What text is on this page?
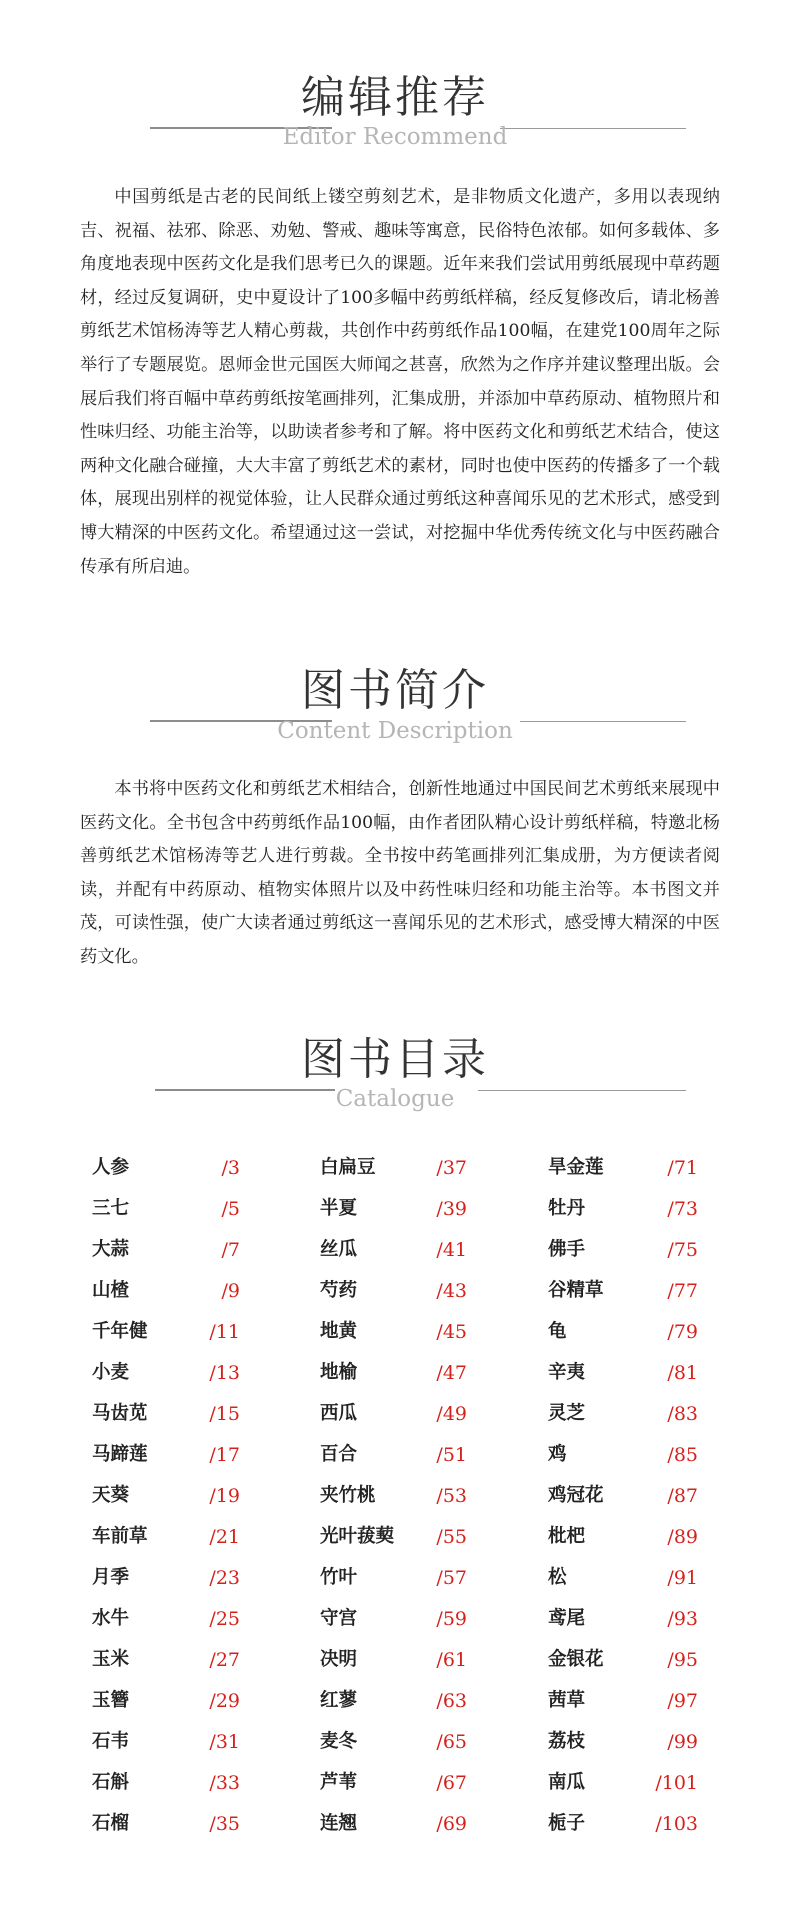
编辑推荐
Editor Recommend

中国剪纸是古老的民间纸上镂空剪刻艺术，是非物质文化遗产，多用以表现纳吉、祝福、祛邪、除恶、劝勉、警戒、趣味等寓意，民俗特色浓郁。如何多载体、多角度地表现中医药文化是我们思考已久的课题。近年来我们尝试用剪纸展现中草药题材，经过反复调研，史中夏设计了100多幅中药剪纸样稿，经反复修改后，请北杨善剪纸艺术馆杨涛等艺人精心剪裁，共创作中药剪纸作品100幅，在建党100周年之际举行了专题展览。恩师金世元国医大师闻之甚喜，欣然为之作序并建议整理出版。会展后我们将百幅中草药剪纸按笔画排列，汇集成册，并添加中草药原动、植物照片和性味归经、功能主治等，以助读者参考和了解。将中医药文化和剪纸艺术结合，使这两种文化融合碰撞，大大丰富了剪纸艺术的素材，同时也使中医药的传播多了一个载体，展现出别样的视觉体验，让人民群众通过剪纸这种喜闻乐见的艺术形式，感受到博大精深的中医药文化。希望通过这一尝试，对挖掘中华优秀传统文化与中医药融合传承有所启迪。

图书简介
Content Description

本书将中医药文化和剪纸艺术相结合，创新性地通过中国民间艺术剪纸来展现中医药文化。全书包含中药剪纸作品100幅，由作者团队精心设计剪纸样稿，特邀北杨善剪纸艺术馆杨涛等艺人进行剪裁。全书按中药笔画排列汇集成册，为方便读者阅读，并配有中药原动、植物实体照片以及中药性味归经和功能主治等。本书图文并茂，可读性强，使广大读者通过剪纸这一喜闻乐见的艺术形式，感受博大精深的中医药文化。

图书目录
Catalogue
人参	/3
三七	/5
大蒜	/7
山楂	/9
千年健	/11
小麦	/13
马齿苋	/15
马蹄莲	/17
天葵	/19
车前草	/21
月季	/23
水牛	/25
玉米	/27
玉簪	/29
石韦	/31
石斛	/33
石榴	/35
白扁豆	/37
半夏	/39
丝瓜	/41
芍药	/43
地黄	/45
地榆	/47
西瓜	/49
百合	/51
夹竹桃	/53
光叶菝葜	/55
竹叶	/57
守宫	/59
决明	/61
红蓼	/63
麦冬	/65
芦苇	/67
连翘	/69
旱金莲	/71
牡丹	/73
佛手	/75
谷精草	/77
龟	/79
辛夷	/81
灵芝	/83
鸡	/85
鸡冠花	/87
枇杷	/89
松	/91
鸢尾	/93
金银花	/95
茜草	/97
荔枝	/99
南瓜	/101
栀子	/103
